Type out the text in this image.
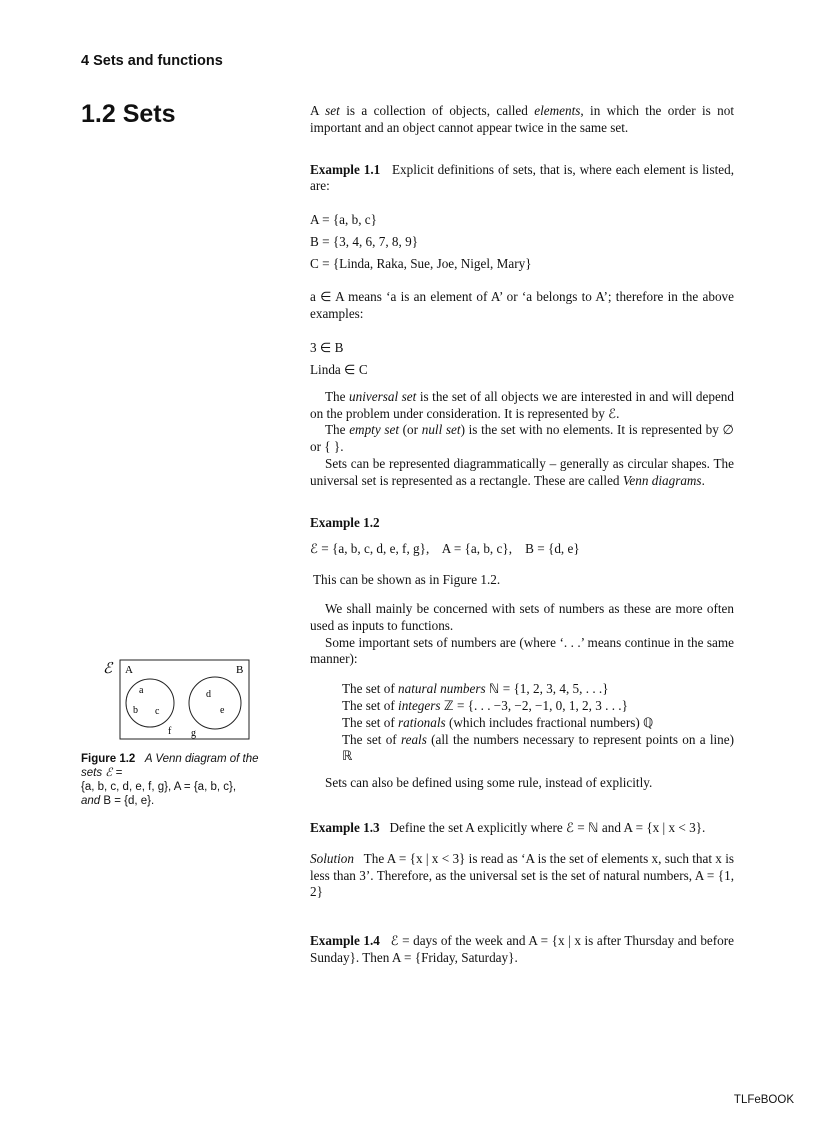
4 Sets and functions
1.2 Sets	A set is a collection of objects, called elements, in which the order is not important and an object cannot appear twice in the same set.

Example 1.1 Explicit definitions of sets, that is, where each element is listed, are:

A = {a, b, c}

B = {3, 4, 6, 7, 8, 9}

C = {Linda, Raka, Sue, Joe, Nigel, Mary}

a ∈ A means ‘a is an element of A’ or ‘a belongs to A’; therefore in the above examples:

3 ∈ B

Linda ∈ C

The universal set is the set of all objects we are interested in and will depend on the problem under consideration. It is represented by ℰ.

The empty set (or null set) is the set with no elements. It is represented by ∅ or { }.

Sets can be represented diagrammatically – generally as circular shapes. The universal set is represented as a rectangle. These are called Venn diagrams.

Example 1.2

ℰ = {a, b, c, d, e, f, g},    A = {a, b, c},    B = {d, e}

This can be shown as in Figure 1.2.

We shall mainly be concerned with sets of numbers as these are more often used as inputs to functions.

Some important sets of numbers are (where ‘. . .’ means continue in the same manner):

The set of natural numbers ℕ = {1, 2, 3, 4, 5, . . .}

The set of integers ℤ = {. . . −3, −2, −1, 0, 1, 2, 3 . . .}

The set of rationals (which includes fractional numbers) ℚ

The set of reals (all the numbers necessary to represent points on a line) ℝ

Sets can also be defined using some rule, instead of explicitly.

Example 1.3 Define the set A explicitly where ℰ = ℕ and A = {x | x < 3}.

Solution The A = {x | x < 3} is read as ‘A is the set of elements x, such that x is less than 3’. Therefore, as the universal set is the set of natural numbers, A = {1, 2}

Example 1.4 ℰ = days of the week and A = {x | x is after Thursday and before Sunday}. Then A = {Friday, Saturday}.

ℰ A	B
a
b c
d
e
f g
Figure 1.2 A Venn diagram of the sets ℰ =
{a, b, c, d, e, f, g}, A = {a, b, c},
and B = {d, e}.
TLFeBOOK
